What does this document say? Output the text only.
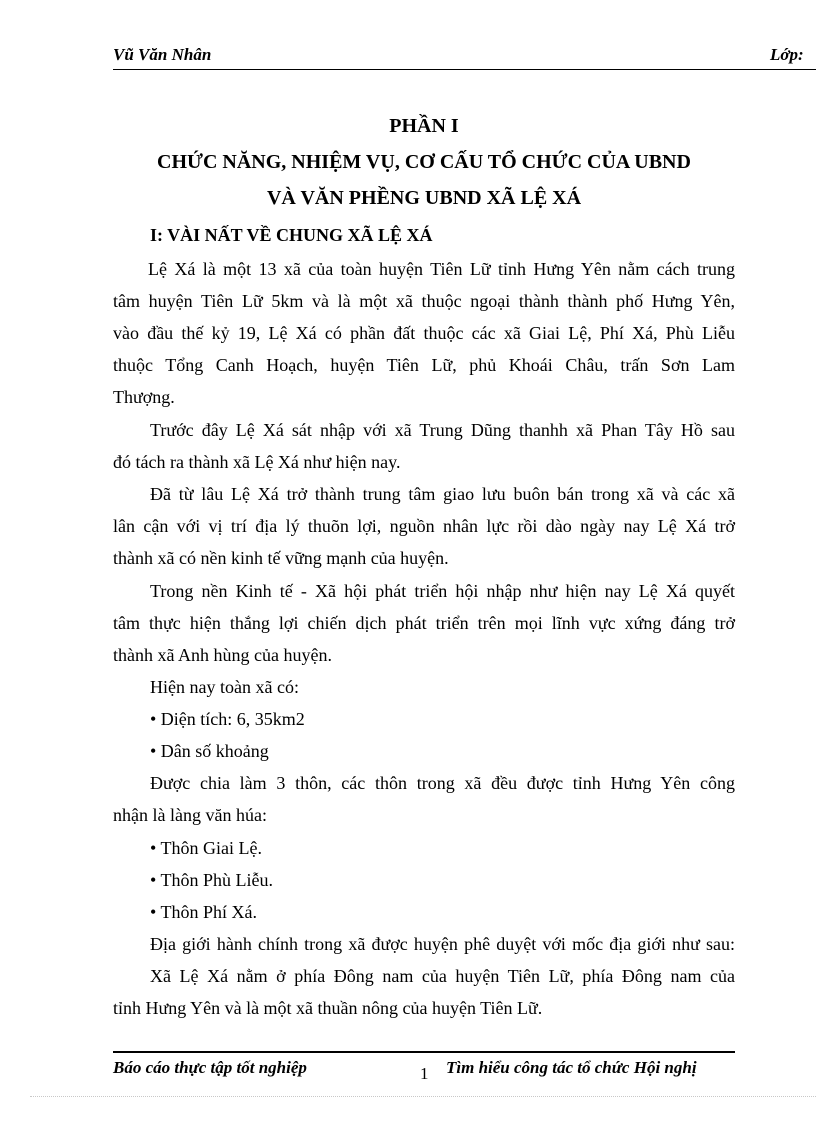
Vũ Văn Nhân	Lớp:
PHẦN I
CHỨC NĂNG, NHIỆM VỤ, CƠ CẤU TỔ CHỨC CỦA UBND
VÀ VĂN PHỀNG UBND XÃ LỆ XÁ
I: VÀI NẤT VỀ CHUNG XÃ LỆ XÁ
Lệ Xá là một 13 xã của toàn huyện Tiên Lữ tỉnh Hưng Yên nằm cách trung
tâm huyện Tiên Lữ 5km và là một xã thuộc ngoại thành thành phố Hưng Yên,
vào đầu thế kỷ 19, Lệ Xá có phần đất thuộc các xã Giai Lệ, Phí Xá, Phù Liễu
thuộc Tổng Canh Hoạch, huyện Tiên Lữ, phủ Khoái Châu, trấn Sơn Lam
Thượng.
Trước đây Lệ Xá sát nhập với xã Trung Dũng thanhh xã Phan Tây Hồ sau
đó tách ra thành xã Lệ Xá như hiện nay.
Đã từ lâu Lệ Xá trở thành trung tâm giao lưu buôn bán trong xã và các xã
lân cận với vị trí địa lý thuõn lợi, nguồn nhân lực rồi dào ngày nay Lệ Xá trở
thành xã có nền kinh tế vững mạnh của huyện.
Trong nền Kinh tế - Xã hội phát triển hội nhập như hiện nay Lệ Xá quyết
tâm thực hiện thắng lợi chiến dịch phát triển trên mọi lĩnh vực xứng đáng trở
thành xã Anh hùng của huyện.
Hiện nay toàn xã có:
• Diện tích: 6, 35km2
• Dân số khoảng
Được chia làm 3 thôn, các thôn trong xã đều được tỉnh Hưng Yên công
nhận là làng văn húa:
• Thôn Giai Lệ.
• Thôn Phù Liễu.
• Thôn Phí Xá.
Địa giới hành chính trong xã được huyện phê duyệt với mốc địa giới như sau:
Xã Lệ Xá nằm ở phía Đông nam của huyện Tiên Lữ, phía Đông nam của
tỉnh Hưng Yên và là một xã thuần nông của huyện Tiên Lữ.
Báo cáo thực tập tốt nghiệp	1 Tìm hiểu công tác tổ chức Hội nghị
